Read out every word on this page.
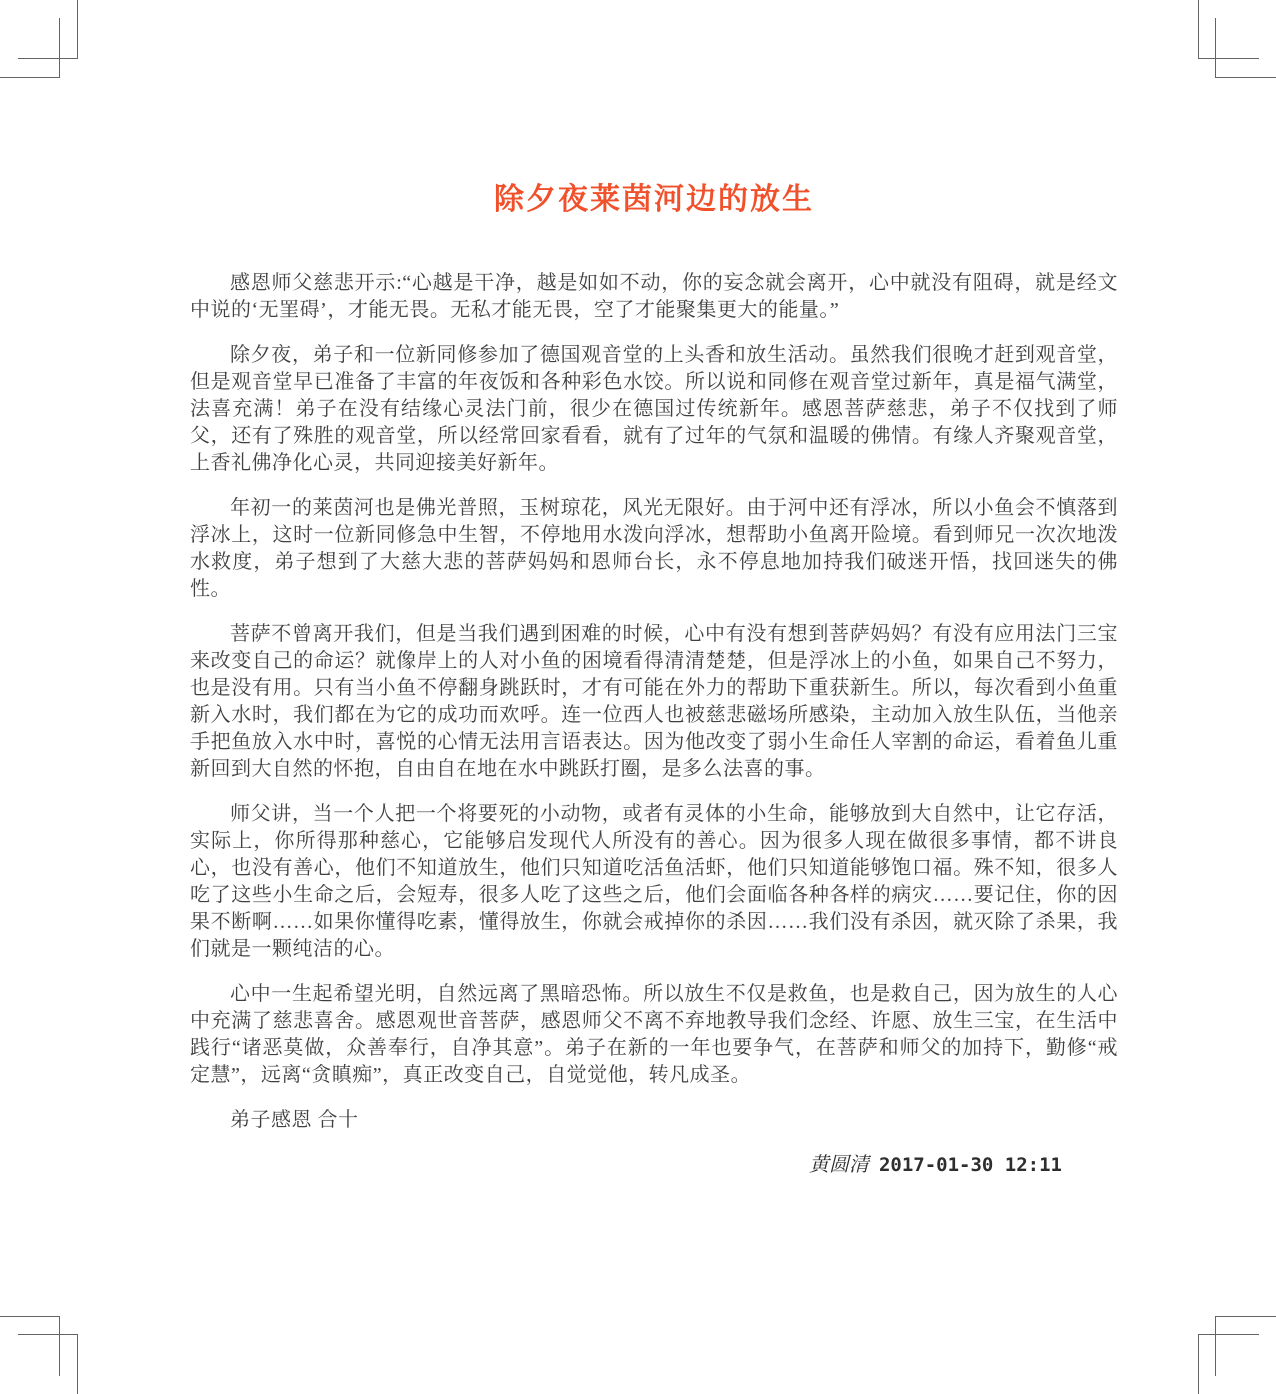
除夕夜莱茵河边的放生

感恩师父慈悲开示:“心越是干净，越是如如不动，你的妄念就会离开，心中就没有阻碍，就是经文中说的‘无罣碍’，才能无畏。无私才能无畏，空了才能聚集更大的能量。”

除夕夜，弟子和一位新同修参加了德国观音堂的上头香和放生活动。虽然我们很晚才赶到观音堂，但是观音堂早已准备了丰富的年夜饭和各种彩色水饺。所以说和同修在观音堂过新年，真是福气满堂，法喜充满！弟子在没有结缘心灵法门前，很少在德国过传统新年。感恩菩萨慈悲，弟子不仅找到了师父，还有了殊胜的观音堂，所以经常回家看看，就有了过年的气氛和温暖的佛情。有缘人齐聚观音堂，上香礼佛净化心灵，共同迎接美好新年。

年初一的莱茵河也是佛光普照，玉树琼花，风光无限好。由于河中还有浮冰，所以小鱼会不慎落到浮冰上，这时一位新同修急中生智，不停地用水泼向浮冰，想帮助小鱼离开险境。看到师兄一次次地泼水救度，弟子想到了大慈大悲的菩萨妈妈和恩师台长，永不停息地加持我们破迷开悟，找回迷失的佛性。

菩萨不曾离开我们，但是当我们遇到困难的时候，心中有没有想到菩萨妈妈？有没有应用法门三宝来改变自己的命运？就像岸上的人对小鱼的困境看得清清楚楚，但是浮冰上的小鱼，如果自己不努力，也是没有用。只有当小鱼不停翻身跳跃时，才有可能在外力的帮助下重获新生。所以，每次看到小鱼重新入水时，我们都在为它的成功而欢呼。连一位西人也被慈悲磁场所感染，主动加入放生队伍，当他亲手把鱼放入水中时，喜悦的心情无法用言语表达。因为他改变了弱小生命任人宰割的命运，看着鱼儿重新回到大自然的怀抱，自由自在地在水中跳跃打圈，是多么法喜的事。

师父讲，当一个人把一个将要死的小动物，或者有灵体的小生命，能够放到大自然中，让它存活，实际上，你所得那种慈心，它能够启发现代人所没有的善心。因为很多人现在做很多事情，都不讲良心，也没有善心，他们不知道放生，他们只知道吃活鱼活虾，他们只知道能够饱口福。殊不知，很多人吃了这些小生命之后，会短寿，很多人吃了这些之后，他们会面临各种各样的病灾……要记住，你的因果不断啊……如果你懂得吃素，懂得放生，你就会戒掉你的杀因……我们没有杀因，就灭除了杀果，我们就是一颗纯洁的心。

心中一生起希望光明，自然远离了黑暗恐怖。所以放生不仅是救鱼，也是救自己，因为放生的人心中充满了慈悲喜舍。感恩观世音菩萨，感恩师父不离不弃地教导我们念经、许愿、放生三宝，在生活中践行“诸恶莫做，众善奉行，自净其意”。弟子在新的一年也要争气，在菩萨和师父的加持下，勤修“戒定慧”，远离“贪瞋痴”，真正改变自己，自觉觉他，转凡成圣。

弟子感恩 合十

黄圆清 2017-01-30 12:11
